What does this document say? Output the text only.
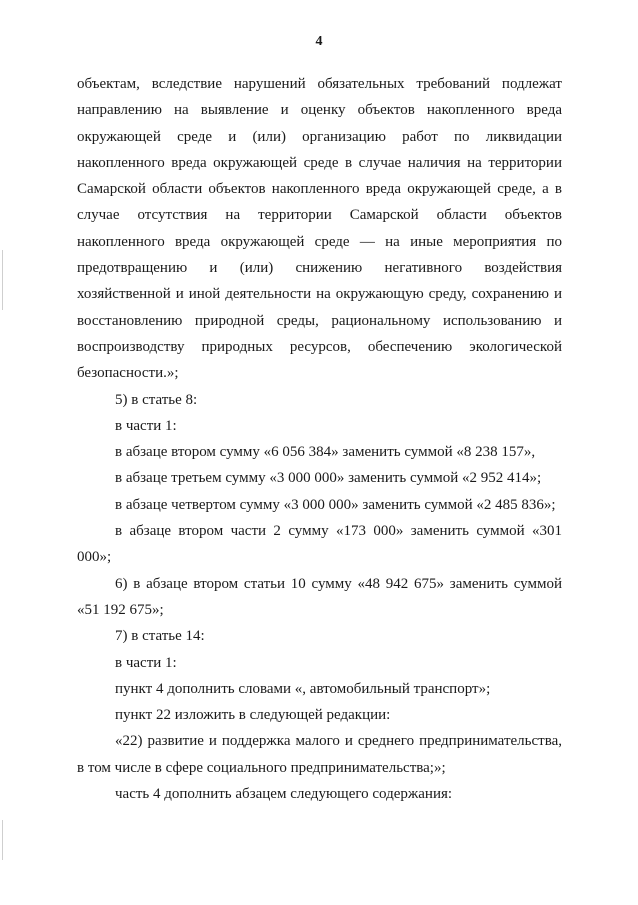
4

объектам, вследствие нарушений обязательных требований подлежат направлению на выявление и оценку объектов накопленного вреда окружающей среде и (или) организацию работ по ликвидации накопленного вреда окружающей среде в случае наличия на территории Самарской области объектов накопленного вреда окружающей среде, а в случае отсутствия на территории Самарской области объектов накопленного вреда окружающей среде — на иные мероприятия по предотвращению и (или) снижению негативного воздействия хозяйственной и иной деятельности на окружающую среду, сохранению и восстановлению природной среды, рациональному использованию и воспроизводству природных ресурсов, обеспечению экологической безопасности.»;

5) в статье 8:

в части 1:

в абзаце втором сумму «6 056 384» заменить суммой «8 238 157»,

в абзаце третьем сумму «3 000 000» заменить суммой «2 952 414»;

в абзаце четвертом сумму «3 000 000» заменить суммой «2 485 836»;

в абзаце втором части 2 сумму «173 000» заменить суммой «301 000»;

6) в абзаце втором статьи 10 сумму «48 942 675» заменить суммой «51 192 675»;

7) в статье 14:

в части 1:

пункт 4 дополнить словами «, автомобильный транспорт»;

пункт 22 изложить в следующей редакции:

«22) развитие и поддержка малого и среднего предпринимательства, в том числе в сфере социального предпринимательства;»;

часть 4 дополнить абзацем следующего содержания:
